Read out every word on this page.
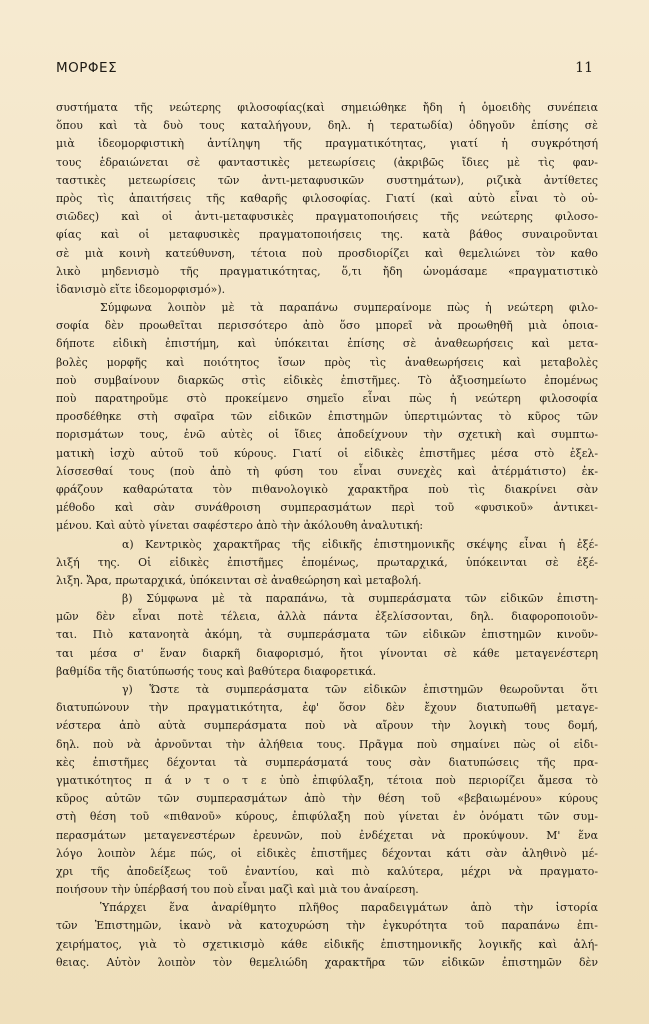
ΜΟΡΦΕΣ	11
συστήματα τῆς νεώτερης φιλοσοφίας(καὶ σημειώθηκε ἤδη ἡ ὁμοειδὴς συνέπεια
ὅπου καὶ τὰ δυὸ τους καταλήγουν, δηλ. ἡ τερατωδία) ὁδηγοῦν ἐπίσης σὲ
μιὰ ἰδεομορφιστικὴ ἀντίληψη τῆς πραγματικότητας, γιατί ἡ συγκρότησή
τους ἑδραιώνεται σὲ φανταστικὲς μετεωρίσεις (ἀκριβῶς ἴδιες μὲ τὶς φαν-
ταστικὲς μετεωρίσεις τῶν ἀντι-μεταφυσικῶν συστημάτων), ριζικὰ ἀντίθετες
πρὸς τὶς ἀπαιτήσεις τῆς καθαρῆς φιλοσοφίας. Γιατί (καὶ αὐτὸ εἶναι τὸ οὐ-
σιῶδες) καὶ οἱ ἀντι-μεταφυσικὲς πραγματοποιήσεις τῆς νεώτερης φιλοσο-
φίας καὶ οἱ μεταφυσικὲς πραγματοποιήσεις της. κατὰ βάθος συναιροῦνται
σὲ μιὰ κοινὴ κατεύθυνση, τέτοια ποὺ προσδιορίζει καὶ θεμελιώνει τὸν καθο
λικὸ μηδενισμὸ τῆς πραγματικότητας, ὅ,τι ἤδη ὠνομάσαμε «πραγματιστικὸ
ἰδανισμὸ εἴτε ἰδεομορφισμό»).
Σύμφωνα λοιπὸν μὲ τὰ παραπάνω συμπεραίνομε πὼς ἡ νεώτερη φιλο-
σοφία δὲν προωθεῖται περισσότερο ἀπὸ ὅσο μπορεῖ νὰ προωθηθῆ μιὰ ὁποια-
δήποτε εἰδικὴ ἐπιστήμη, καὶ ὑπόκειται ἐπίσης σὲ ἀναθεωρήσεις καὶ μετα-
βολὲς μορφῆς καὶ ποιότητος ἴσων πρὸς τὶς ἀναθεωρήσεις καὶ μεταβολὲς
ποὺ συμβαίνουν διαρκῶς στὶς εἰδικὲς ἐπιστῆμες. Τὸ ἀξιοσημείωτο ἐπομένως
ποὺ παρατηροῦμε στὸ προκείμενο σημεῖο εἶναι πὼς ἡ νεώτερη φιλοσοφία
προσδέθηκε στὴ σφαῖρα τῶν εἰδικῶν ἐπιστημῶν ὑπερτιμώντας τὸ κῦρος τῶν
πορισμάτων τους, ἐνῶ αὐτὲς οἱ ἴδιες ἀποδείχνουν τὴν σχετικὴ καὶ συμπτω-
ματικὴ ἰσχὺ αὐτοῦ τοῦ κύρους. Γιατί οἱ εἰδικὲς ἐπιστῆμες μέσα στὸ ἐξελ-
λίσσεσθαί τους (ποὺ ἀπὸ τὴ φύση του εἶναι συνεχὲς καὶ ἀτέρμάτιστο) ἐκ-
φράζουν καθαρώτατα τὸν πιθανολογικὸ χαρακτῆρα ποὺ τὶς διακρίνει σὰν
μέθοδο καὶ σὰν συνάθροιση συμπερασμάτων περὶ τοῦ «φυσικοῦ» ἀντικει-
μένου. Καὶ αὐτὸ γίνεται σαφέστερο ἀπὸ τὴν ἀκόλουθη ἀναλυτική:
α) Κεντρικὸς χαρακτῆρας τῆς εἰδικῆς ἐπιστημονικῆς σκέψης εἶναι ἡ ἐξέ-
λιξή της. Οἱ εἰδικὲς ἐπιστῆμες ἑπομένως, πρωταρχικά, ὑπόκεινται σὲ ἐξέ-
λιξη. Ἄρα, πρωταρχικά, ὑπόκεινται σὲ ἀναθεώρηση καὶ μεταβολή.
β) Σύμφωνα μὲ τὰ παραπάνω, τὰ συμπεράσματα τῶν εἰδικῶν ἐπιστη-
μῶν δὲν εἶναι ποτὲ τέλεια, ἀλλὰ πάντα ἐξελίσσονται, δηλ. διαφοροποιοῦν-
ται. Πιὸ κατανοητὰ ἀκόμη, τὰ συμπεράσματα τῶν εἰδικῶν ἐπιστημῶν κινοῦν-
ται μέσα σ' ἕναν διαρκῆ διαφορισμό, ἤτοι γίνονται σὲ κάθε μεταγενέστερη
βαθμίδα τῆς διατύπωσής τους καὶ βαθύτερα διαφορετικά.
γ) Ὥστε τὰ συμπεράσματα τῶν εἰδικῶν ἐπιστημῶν θεωροῦνται ὅτι
διατυπώνουν τὴν πραγματικότητα, ἐφ' ὅσον δὲν ἔχουν διατυπωθῆ μεταγε-
νέστερα ἀπὸ αὐτὰ συμπεράσματα ποὺ νὰ αἴρουν τὴν λογικὴ τους δομή,
δηλ. ποὺ νὰ ἀρνοῦνται τὴν ἀλήθεια τους. Πρᾶγμα ποὺ σημαίνει πὼς οἱ εἰδι-
κὲς ἐπιστῆμες δέχονται τὰ συμπεράσματά τους σὰν διατυπώσεις τῆς πρα-
γματικότητος π ά ν τ ο τ ε ὑπὸ ἐπιφύλαξη, τέτοια ποὺ περιορίζει ἄμεσα τὸ
κῦρος αὐτῶν τῶν συμπερασμάτων ἀπὸ τὴν θέση τοῦ «βεβαιωμένου» κύρους
στὴ θέση τοῦ «πιθανοῦ» κύρους, ἐπιφύλαξη ποὺ γίνεται ἐν ὀνόματι τῶν συμ-
περασμάτων μεταγενεστέρων ἐρευνῶν, ποὺ ἐνδέχεται νὰ προκύψουν. Μ' ἕνα
λόγο λοιπὸν λέμε πώς, οἱ εἰδικὲς ἐπιστῆμες δέχονται κάτι σὰν ἀληθινὸ μέ-
χρι τῆς ἀποδείξεως τοῦ ἐναντίου, καὶ πιὸ καλύτερα, μέχρι νὰ πραγματο-
ποιήσουν τὴν ὑπέρβασή του ποὺ εἶναι μαζὶ καὶ μιὰ του ἀναίρεση.
Ὑπάρχει ἕνα ἀναρίθμητο πλῆθος παραδειγμάτων ἀπὸ τὴν ἱστορία
τῶν Ἐπιστημῶν, ἱκανὸ νὰ κατοχυρώση τὴν ἐγκυρότητα τοῦ παραπάνω ἐπι-
χειρήματος, γιὰ τὸ σχετικισμὸ κάθε εἰδικῆς ἐπιστημονικῆς λογικῆς καὶ ἀλή-
θειας. Αὐτὸν λοιπὸν τὸν θεμελιώδη χαρακτῆρα τῶν εἰδικῶν ἐπιστημῶν δὲν
